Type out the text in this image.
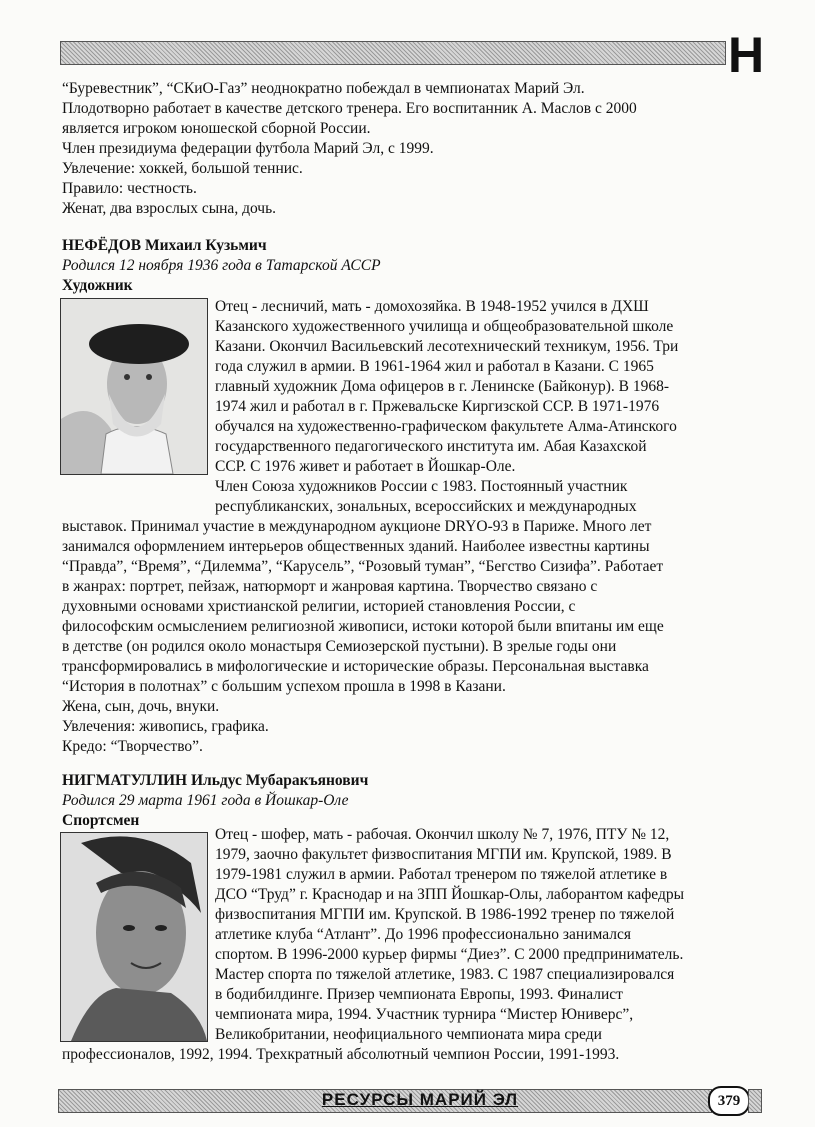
Н
“Буревестник”, “СКиО-Газ” неоднократно побеждал в чемпионатах Марий Эл.
Плодотворно работает в качестве детского тренера. Его воспитанник А. Маслов с 2000
является игроком юношеской сборной России.
Член президиума федерации футбола Марий Эл, с 1999.
Увлечение: хоккей, большой теннис.
Правило: честность.
Женат, два взрослых сына, дочь.
НЕФЁДОВ Михаил Кузьмич
Родился 12 ноября 1936 года в Татарской АССР
Художник
Отец - лесничий, мать - домохозяйка. В 1948-1952 учился в ДХШ
Казанского художественного училища и общеобразовательной школе
Казани. Окончил Васильевский лесотехнический техникум, 1956. Три
года служил в армии. В 1961-1964 жил и работал в Казани. С 1965
главный художник Дома офицеров в г. Ленинске (Байконур). В 1968-
1974 жил и работал в г. Пржевальске Киргизской ССР. В 1971-1976
обучался на художественно-графическом факультете Алма-Атинского
государственного педагогического института им. Абая Казахской
ССР. С 1976 живет и работает в Йошкар-Оле.
Член Союза художников России с 1983. Постоянный участник
республиканских, зональных, всероссийских и международных
выставок. Принимал участие в международном аукционе DRYO-93 в Париже. Много лет
занимался оформлением интерьеров общественных зданий. Наиболее известны картины
“Правда”, “Время”, “Дилемма”, “Карусель”, “Розовый туман”, “Бегство Сизифа”. Работает
в жанрах: портрет, пейзаж, натюрморт и жанровая картина. Творчество связано с
духовными основами христианской религии, историей становления России, с
философским осмыслением религиозной живописи, истоки которой были впитаны им еще
в детстве (он родился около монастыря Семиозерской пустыни). В зрелые годы они
трансформировались в мифологические и исторические образы. Персональная выставка
“История в полотнах” с большим успехом прошла в 1998 в Казани.
Жена, сын, дочь, внуки.
Увлечения: живопись, графика.
Кредо: “Творчество”.
НИГМАТУЛЛИН Ильдус Мубаракъянович
Родился 29 марта 1961 года в Йошкар-Оле
Спортсмен
Отец - шофер, мать - рабочая. Окончил школу № 7, 1976, ПТУ № 12,
1979, заочно факультет физвоспитания МГПИ им. Крупской, 1989. В
1979-1981 служил в армии. Работал тренером по тяжелой атлетике в
ДСО “Труд” г. Краснодар и на ЗПП Йошкар-Олы, лаборантом кафедры
физвоспитания МГПИ им. Крупской. В 1986-1992 тренер по тяжелой
атлетике клуба “Атлант”. До 1996 профессионально занимался
спортом. В 1996-2000 курьер фирмы “Диез”. С 2000 предприниматель.
Мастер спорта по тяжелой атлетике, 1983. С 1987 специализировался
в бодибилдинге. Призер чемпионата Европы, 1993. Финалист
чемпионата мира, 1994. Участник турнира “Мистер Юниверс”,
Великобритании, неофициального чемпионата мира среди
профессионалов, 1992, 1994. Трехкратный абсолютный чемпион России, 1991-1993.
РЕСУРСЫ МАРИЙ ЭЛ	379
